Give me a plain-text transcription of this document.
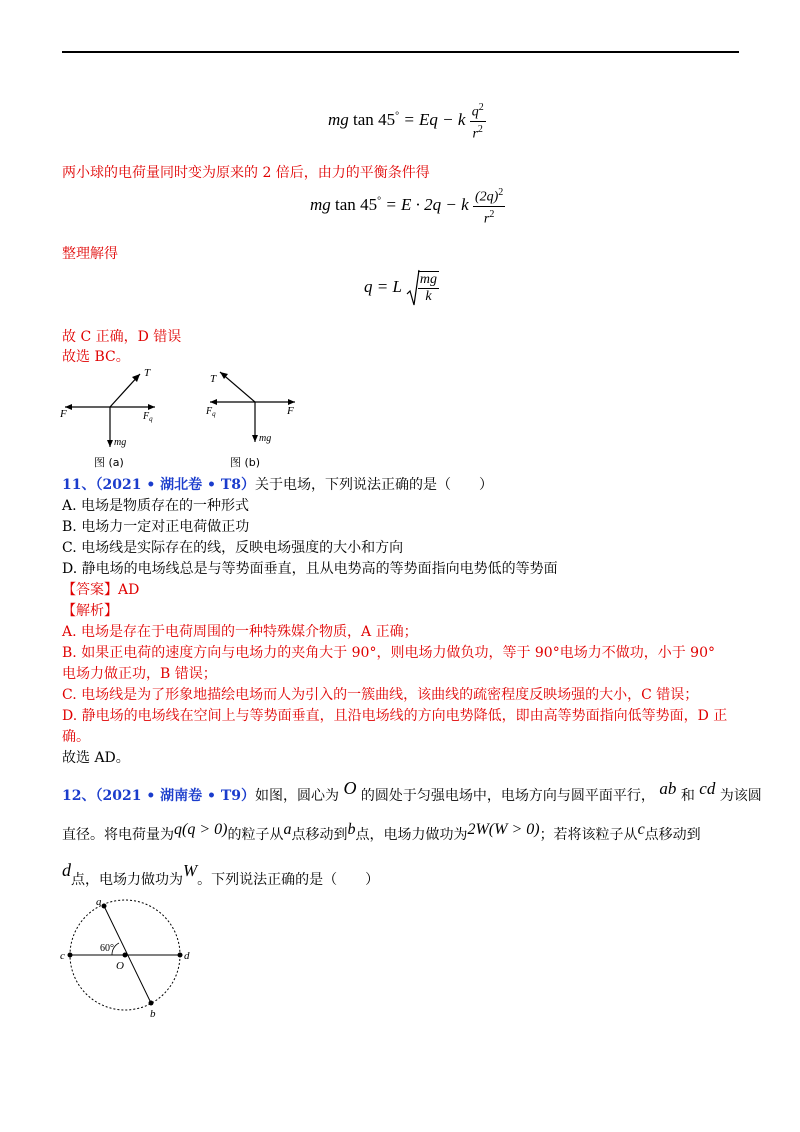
mg tan 45° = Eq − k $\frac{q^2}{r^2}$
两小球的电荷量同时变为原来的 2 倍后，由力的平衡条件得
mg tan 45° = E · 2q − k $\frac{(2q)^2}{r^2}$
整理解得
q = L $\frac{mg}{k}$
故 C 正确，D 错误
故选 BC。
T
F	$F_q$
mg
图 (a)
T
F
$F_q$
mg
图 (b)
11、（2021 • 湖北卷 • T8）关于电场，下列说法正确的是（　　）
A. 电场是物质存在的一种形式
B. 电场力一定对正电荷做正功
C. 电场线是实际存在的线，反映电场强度的大小和方向
D. 静电场的电场线总是与等势面垂直，且从电势高的等势面指向电势低的等势面
【答案】AD
【解析】
A. 电场是存在于电荷周围的一种特殊媒介物质，A 正确；
B. 如果正电荷的速度方向与电场力的夹角大于 90°，则电场力做负功，等于 90°电场力不做功，小于 90°
电场力做正功，B 错误；
C. 电场线是为了形象地描绘电场而人为引入的一簇曲线，该曲线的疏密程度反映场强的大小，C 错误；
D. 静电场的电场线在空间上与等势面垂直，且沿电场线的方向电势降低，即由高等势面指向低等势面，D 正
确。
故选 AD。
12、（2021 • 湖南卷 • T9）如图，圆心为 O 的圆处于匀强电场中，电场方向与圆平面平行， ab 和 cd 为该圆
直径。将电荷量为q(q > 0)的粒子从a点移动到b点，电场力做功为2W(W > 0)；若将该粒子从c点移动到
d点，电场力做功为W。下列说法正确的是（　　）
a
b
c	d
O
60°
